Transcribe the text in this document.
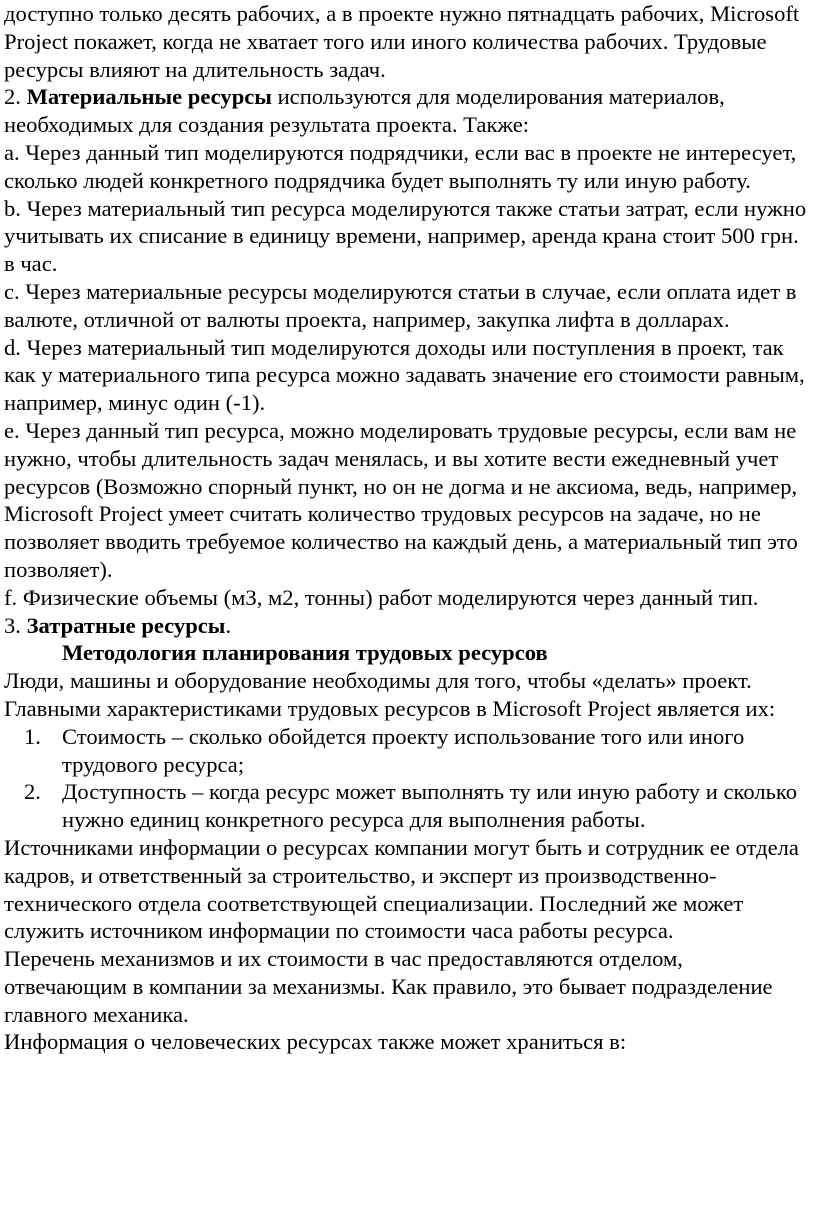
доступно только десять рабочих, а в проекте нужно пятнадцать рабочих, Microsoft Project покажет, когда не хватает того или иного количества рабочих. Трудовые ресурсы влияют на длительность задач.

2. Материальные ресурсы используются для моделирования материалов, необходимых для создания результата проекта. Также:

a. Через данный тип моделируются подрядчики, если вас в проекте не интересует, сколько людей конкретного подрядчика будет выполнять ту или иную работу.

b. Через материальный тип ресурса моделируются также статьи затрат, если нужно учитывать их списание в единицу времени, например, аренда крана стоит 500 грн. в час.

c. Через материальные ресурсы моделируются статьи в случае, если оплата идет в валюте, отличной от валюты проекта, например, закупка лифта в долларах.

d. Через материальный тип моделируются доходы или поступления в проект, так как у материального типа ресурса можно задавать значение его стоимости равным, например, минус один (-1).

e. Через данный тип ресурса, можно моделировать трудовые ресурсы, если вам не нужно, чтобы длительность задач менялась, и вы хотите вести ежедневный учет ресурсов (Возможно спорный пункт, но он не догма и не аксиома, ведь, например, Microsoft Project умеет считать количество трудовых ресурсов на задаче, но не позволяет вводить требуемое количество на каждый день, а материальный тип это позволяет).

f. Физические объемы (м3, м2, тонны) работ моделируются через данный тип.

3. Затратные ресурсы.

Методология планирования трудовых ресурсов

Люди, машины и оборудование необходимы для того, чтобы «делать» проект. Главными характеристиками трудовых ресурсов в Microsoft Project является их:

1. Стоимость – сколько обойдется проекту использование того или иного трудового ресурса;
2. Доступность – когда ресурс может выполнять ту или иную работу и сколько нужно единиц конкретного ресурса для выполнения работы.

Источниками информации о ресурсах компании могут быть и сотрудник ее отдела кадров, и ответственный за строительство, и эксперт из производственно-технического отдела соответствующей специализации. Последний же может служить источником информации по стоимости часа работы ресурса.

Перечень механизмов и их стоимости в час предоставляются отделом, отвечающим в компании за механизмы. Как правило, это бывает подразделение главного механика.

Информация о человеческих ресурсах также может храниться в:
